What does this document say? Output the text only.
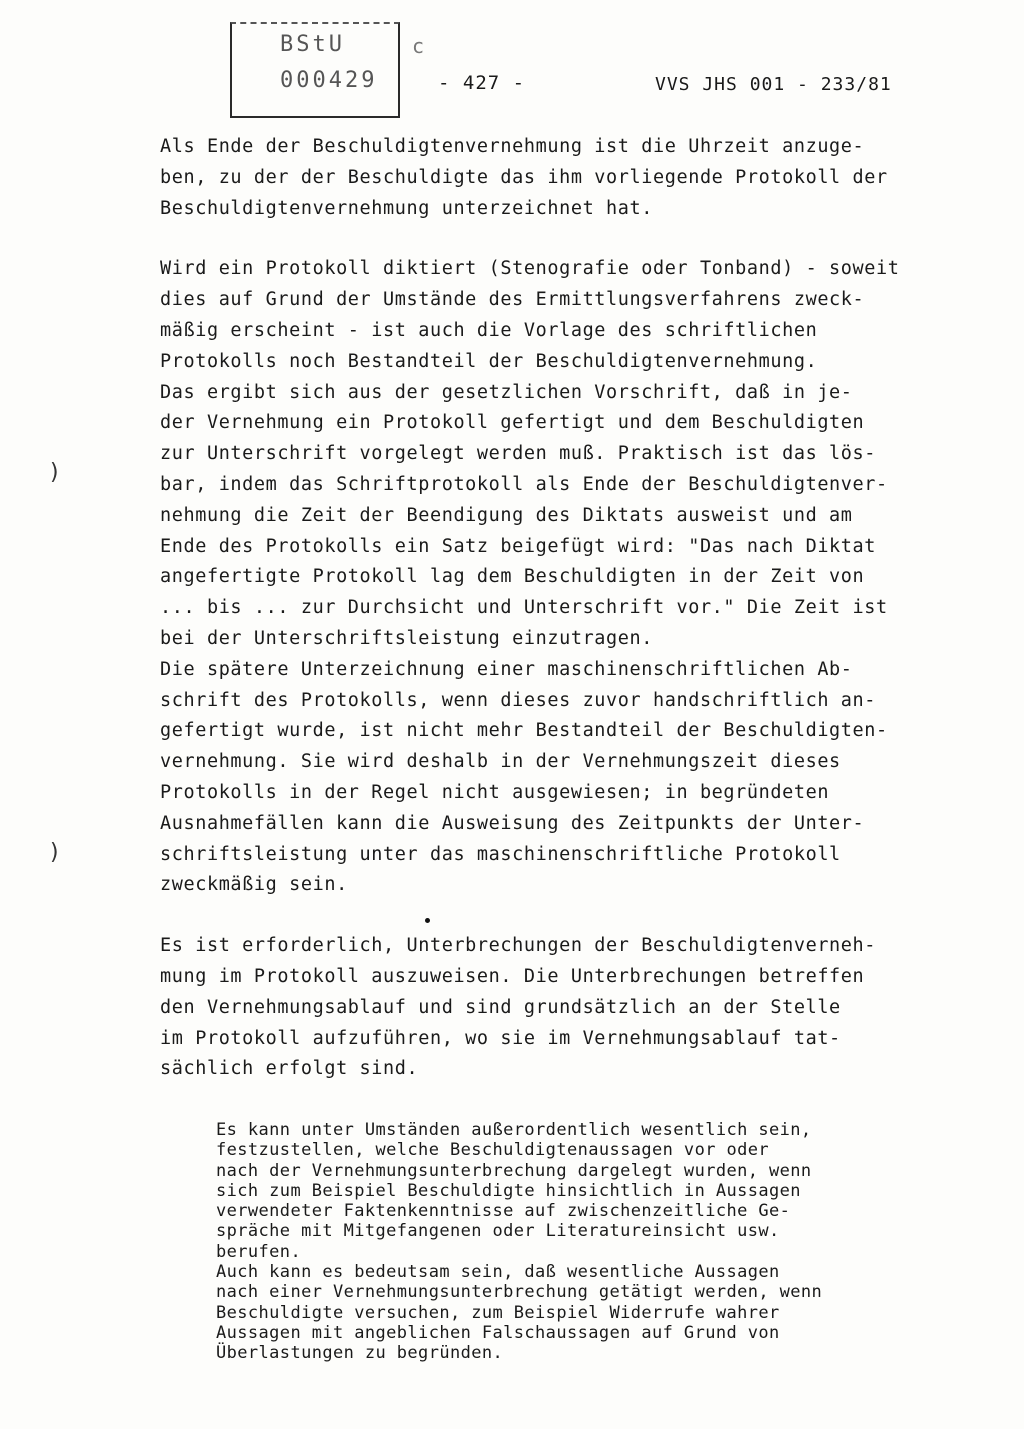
BStU
000429
c
- 427 -	VVS JHS 001 - 233/81
Als Ende der Beschuldigtenvernehmung ist die Uhrzeit anzuge-
ben, zu der der Beschuldigte das ihm vorliegende Protokoll der
Beschuldigtenvernehmung unterzeichnet hat.
Wird ein Protokoll diktiert (Stenografie oder Tonband) - soweit
dies auf Grund der Umstände des Ermittlungsverfahrens zweck-
mäßig erscheint - ist auch die Vorlage des schriftlichen
Protokolls noch Bestandteil der Beschuldigtenvernehmung.
Das ergibt sich aus der gesetzlichen Vorschrift, daß in je-
der Vernehmung ein Protokoll gefertigt und dem Beschuldigten
zur Unterschrift vorgelegt werden muß. Praktisch ist das lös-
bar, indem das Schriftprotokoll als Ende der Beschuldigtenver-
nehmung die Zeit der Beendigung des Diktats ausweist und am
Ende des Protokolls ein Satz beigefügt wird: "Das nach Diktat
angefertigte Protokoll lag dem Beschuldigten in der Zeit von
... bis ... zur Durchsicht und Unterschrift vor." Die Zeit ist
bei der Unterschriftsleistung einzutragen.
Die spätere Unterzeichnung einer maschinenschriftlichen Ab-
schrift des Protokolls, wenn dieses zuvor handschriftlich an-
gefertigt wurde, ist nicht mehr Bestandteil der Beschuldigten-
vernehmung. Sie wird deshalb in der Vernehmungszeit dieses
Protokolls in der Regel nicht ausgewiesen; in begründeten
Ausnahmefällen kann die Ausweisung des Zeitpunkts der Unter-
schriftsleistung unter das maschinenschriftliche Protokoll
zweckmäßig sein.
Es ist erforderlich, Unterbrechungen der Beschuldigtenverneh-
mung im Protokoll auszuweisen. Die Unterbrechungen betreffen
den Vernehmungsablauf und sind grundsätzlich an der Stelle
im Protokoll aufzuführen, wo sie im Vernehmungsablauf tat-
sächlich erfolgt sind.
Es kann unter Umständen außerordentlich wesentlich sein,
festzustellen, welche Beschuldigtenaussagen vor oder
nach der Vernehmungsunterbrechung dargelegt wurden, wenn
sich zum Beispiel Beschuldigte hinsichtlich in Aussagen
verwendeter Faktenkenntnisse auf zwischenzeitliche Ge-
spräche mit Mitgefangenen oder Literatureinsicht usw.
berufen.
Auch kann es bedeutsam sein, daß wesentliche Aussagen
nach einer Vernehmungsunterbrechung getätigt werden, wenn
Beschuldigte versuchen, zum Beispiel Widerrufe wahrer
Aussagen mit angeblichen Falschaussagen auf Grund von
Überlastungen zu begründen.
)
)
